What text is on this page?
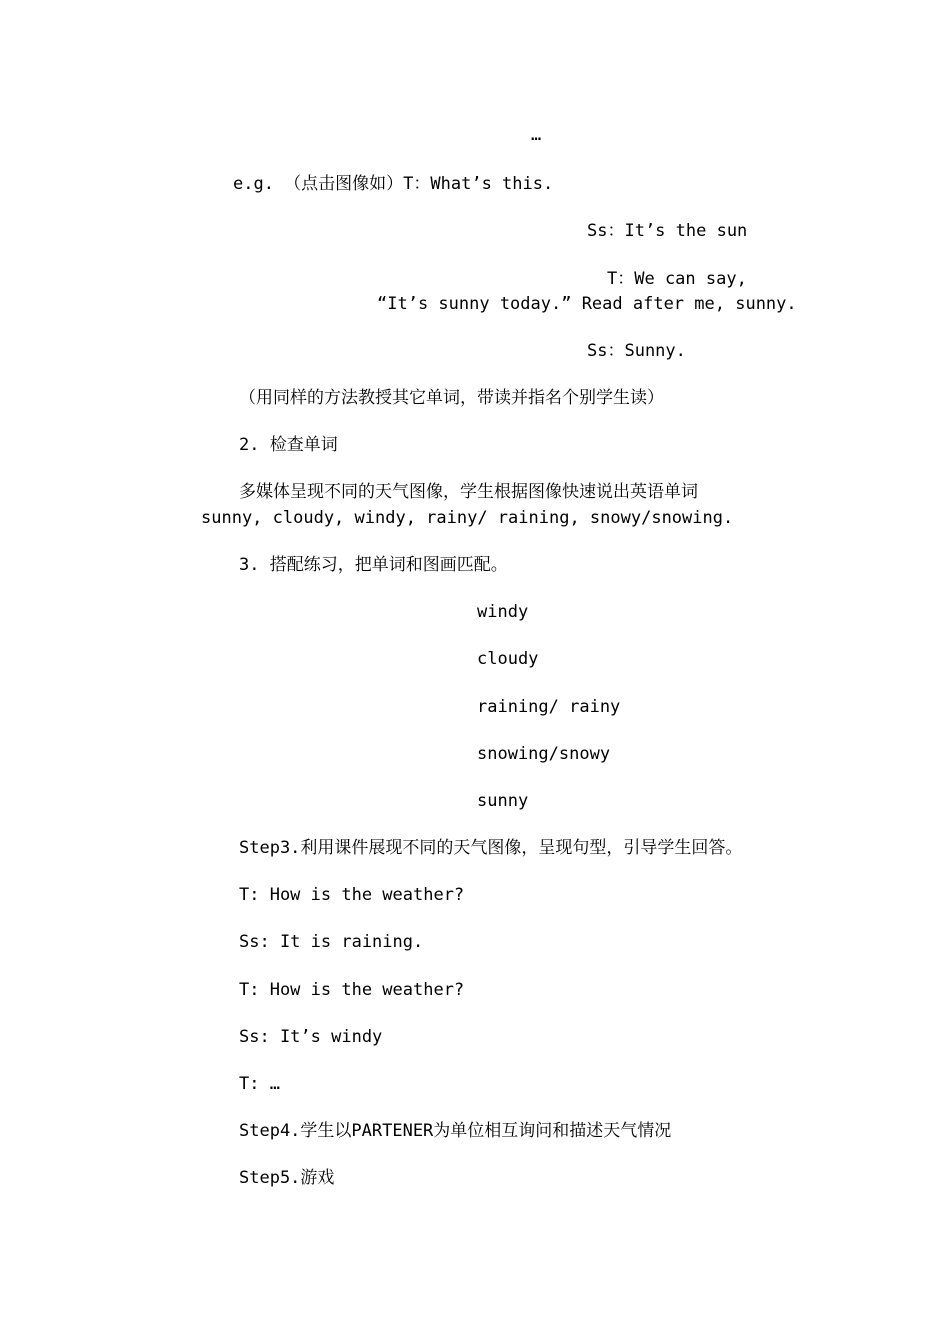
…
e.g. （点击图像如）T：What’s this.
Ss：It’s the sun
T：We can say,
“It’s sunny today.” Read after me, sunny.
Ss：Sunny.
（用同样的方法教授其它单词，带读并指名个别学生读）
2. 检查单词
多媒体呈现不同的天气图像，学生根据图像快速说出英语单词
sunny, cloudy, windy, rainy/ raining, snowy/snowing.
3. 搭配练习，把单词和图画匹配。
windy
cloudy
raining/ rainy
snowing/snowy
sunny
Step3.利用课件展现不同的天气图像，呈现句型，引导学生回答。
T: How is the weather?
Ss: It is raining.
T: How is the weather?
Ss: It’s windy
T: …
Step4.学生以PARTENER为单位相互询问和描述天气情况
Step5.游戏
